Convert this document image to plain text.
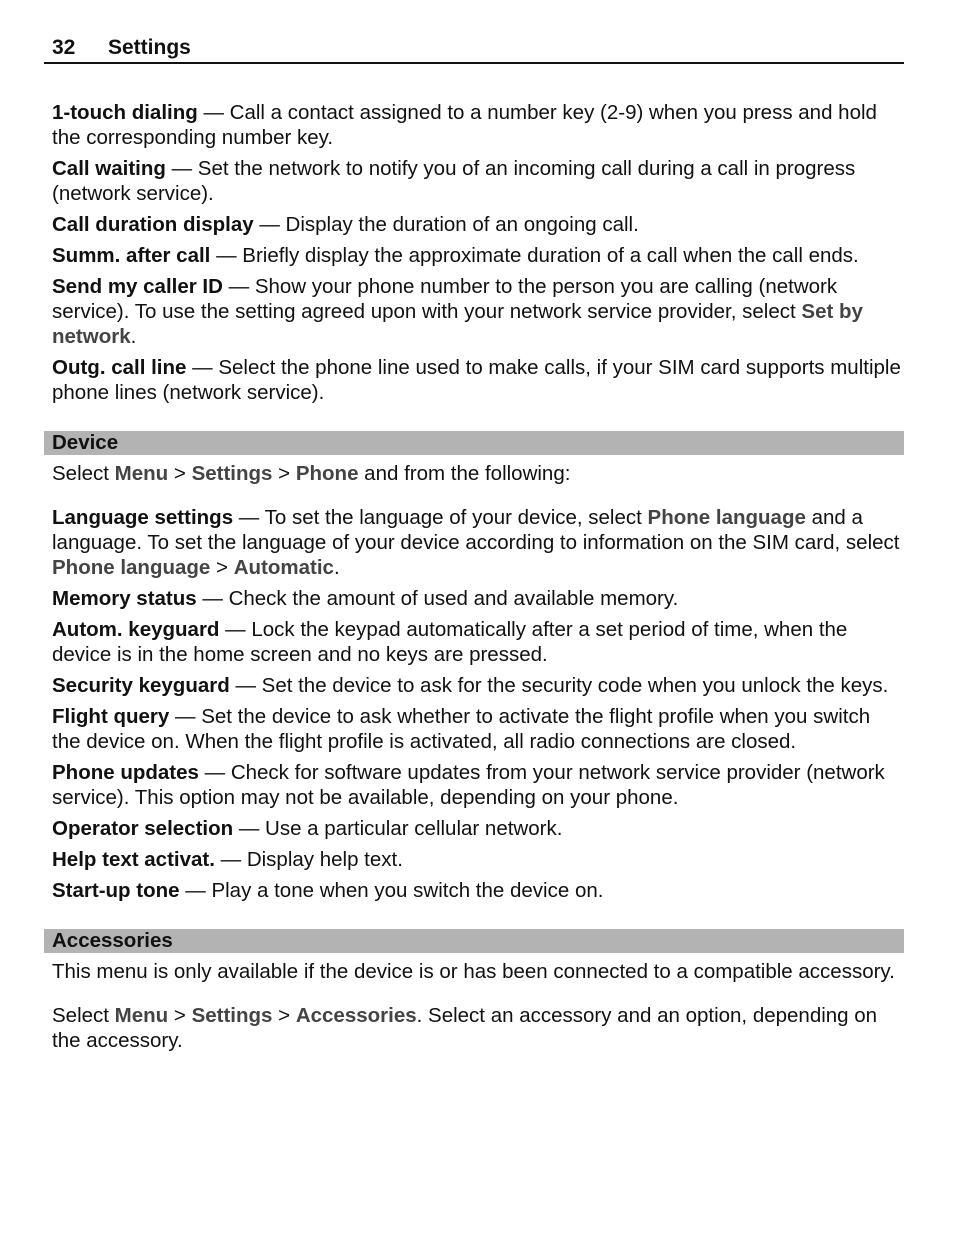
32 Settings

1-touch dialing — Call a contact assigned to a number key (2-9) when you press and hold the corresponding number key.

Call waiting — Set the network to notify you of an incoming call during a call in progress (network service).

Call duration display — Display the duration of an ongoing call.

Summ. after call — Briefly display the approximate duration of a call when the call ends.

Send my caller ID — Show your phone number to the person you are calling (network service). To use the setting agreed upon with your network service provider, select Set by network.

Outg. call line — Select the phone line used to make calls, if your SIM card supports multiple phone lines (network service).

Device

Select Menu > Settings > Phone and from the following:

Language settings — To set the language of your device, select Phone language and a language. To set the language of your device according to information on the SIM card, select Phone language > Automatic.

Memory status — Check the amount of used and available memory.

Autom. keyguard — Lock the keypad automatically after a set period of time, when the device is in the home screen and no keys are pressed.

Security keyguard — Set the device to ask for the security code when you unlock the keys.

Flight query — Set the device to ask whether to activate the flight profile when you switch the device on. When the flight profile is activated, all radio connections are closed.

Phone updates — Check for software updates from your network service provider (network service). This option may not be available, depending on your phone.

Operator selection — Use a particular cellular network.

Help text activat. — Display help text.

Start-up tone — Play a tone when you switch the device on.

Accessories

This menu is only available if the device is or has been connected to a compatible accessory.

Select Menu > Settings > Accessories. Select an accessory and an option, depending on the accessory.
